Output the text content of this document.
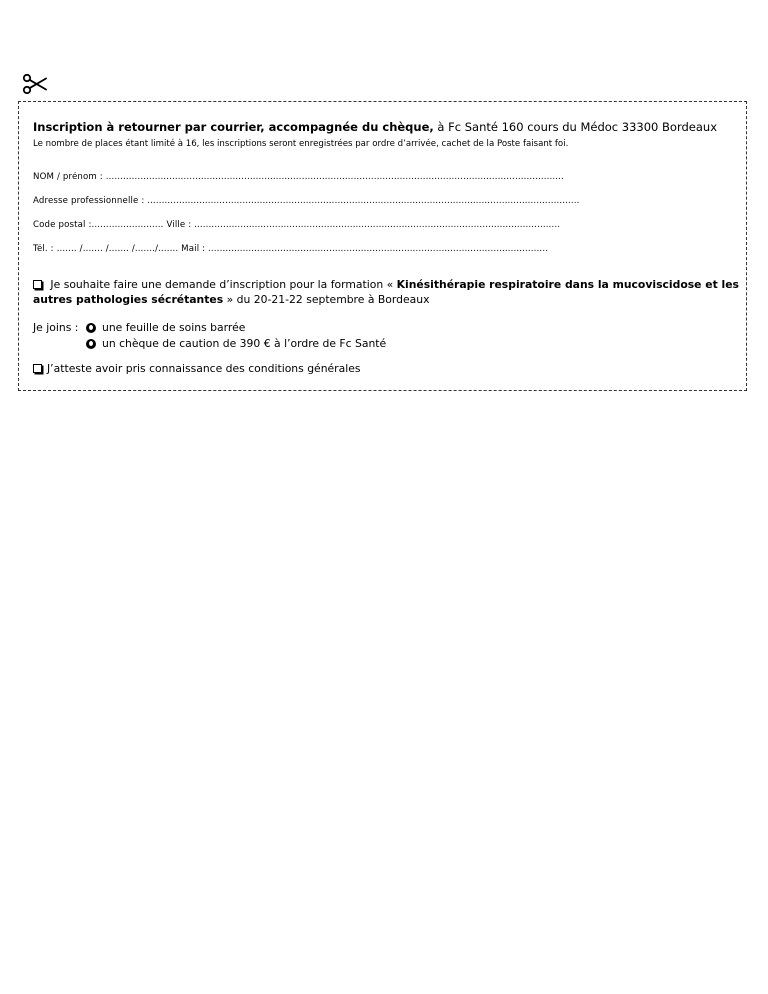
Inscription à retourner par courrier, accompagnée du chèque, à Fc Santé 160 cours du Médoc 33300 Bordeaux
Le nombre de places étant limité à 16, les inscriptions seront enregistrées par ordre d’arrivée, cachet de la Poste faisant foi.
NOM / prénom : ...............................................................................................................................................................
Adresse professionnelle : ......................................................................................................................................................
Code postal :......................... Ville : ...............................................................................................................................
Tél. : ....... /....... /....... /......./....... Mail : ......................................................................................................................
Je souhaite faire une demande d’inscription pour la formation « Kinésithérapie respiratoire dans la mucoviscidose et les autres pathologies sécrétantes » du 20-21-22 septembre à Bordeaux
Je joins :	une feuille de soins barrée
un chèque de caution de 390 € à l’ordre de Fc Santé
J’atteste avoir pris connaissance des conditions générales
